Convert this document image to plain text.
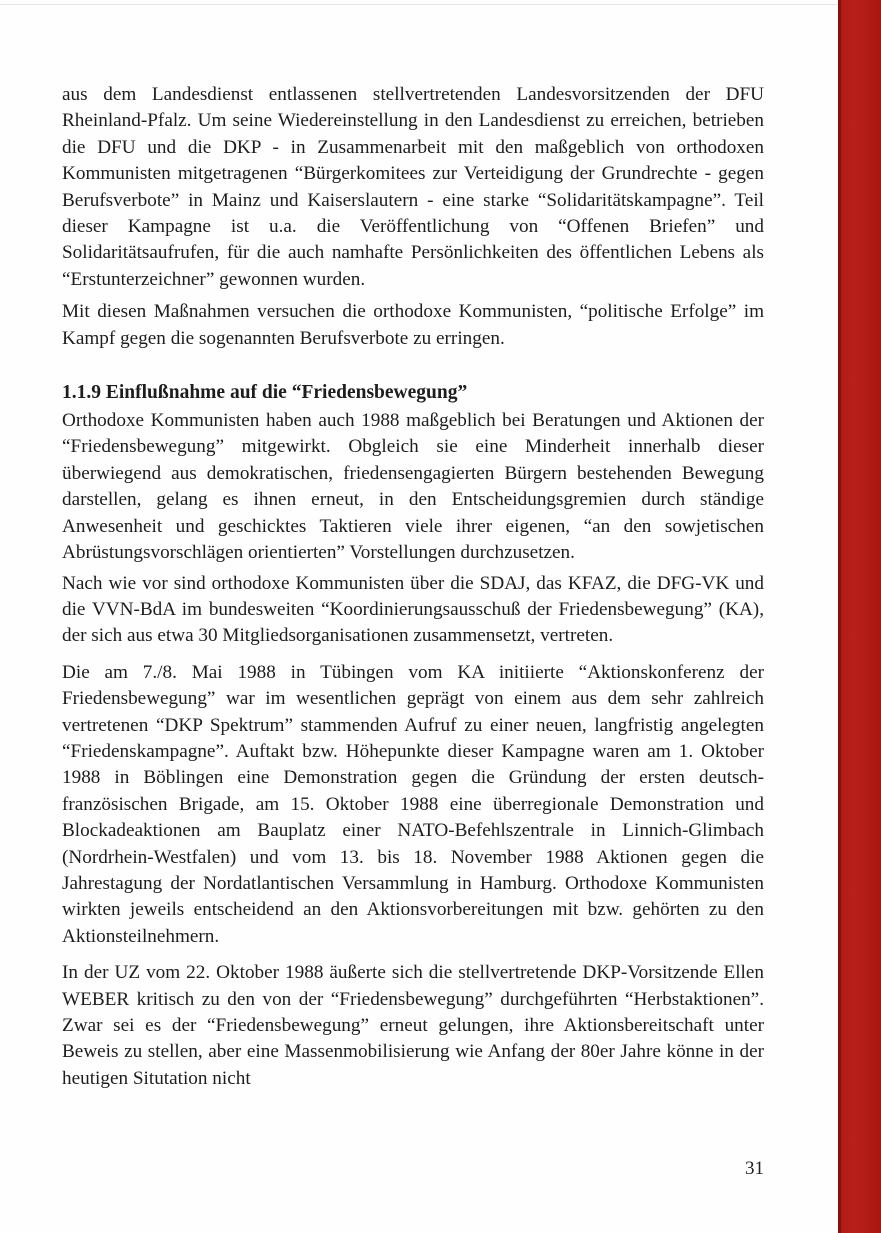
aus dem Landesdienst entlassenen stellvertretenden Landesvorsitzenden der DFU Rheinland-Pfalz. Um seine Wiedereinstellung in den Landesdienst zu erreichen, betrieben die DFU und die DKP - in Zusammenarbeit mit den maßgeblich von orthodoxen Kommunisten mitgetragenen “Bürgerkomitees zur Verteidigung der Grundrechte - gegen Berufsverbote” in Mainz und Kaiserslautern - eine starke “Solidaritätskampagne”. Teil dieser Kampagne ist u.a. die Veröffentlichung von “Offenen Briefen” und Solidaritätsaufrufen, für die auch namhafte Persönlichkeiten des öffentlichen Lebens als “Erstunterzeichner” gewonnen wurden.

Mit diesen Maßnahmen versuchen die orthodoxe Kommunisten, “politische Erfolge” im Kampf gegen die sogenannten Berufsverbote zu erringen.

1.1.9 Einflußnahme auf die “Friedensbewegung”

Orthodoxe Kommunisten haben auch 1988 maßgeblich bei Beratungen und Aktionen der “Friedensbewegung” mitgewirkt. Obgleich sie eine Minderheit innerhalb dieser überwiegend aus demokratischen, friedensengagierten Bürgern bestehenden Bewegung darstellen, gelang es ihnen erneut, in den Entscheidungsgremien durch ständige Anwesenheit und geschicktes Taktieren viele ihrer eigenen, “an den sowjetischen Abrüstungsvorschlägen orientierten” Vorstellungen durchzusetzen.

Nach wie vor sind orthodoxe Kommunisten über die SDAJ, das KFAZ, die DFG-VK und die VVN-BdA im bundesweiten “Koordinierungsausschuß der Friedensbewegung” (KA), der sich aus etwa 30 Mitgliedsorganisationen zusammensetzt, vertreten.

Die am 7./8. Mai 1988 in Tübingen vom KA initiierte “Aktionskonferenz der Friedensbewegung” war im wesentlichen geprägt von einem aus dem sehr zahlreich vertretenen “DKP Spektrum” stammenden Aufruf zu einer neuen, langfristig angelegten “Friedenskampagne”. Auftakt bzw. Höhepunkte dieser Kampagne waren am 1. Oktober 1988 in Böblingen eine Demonstration gegen die Gründung der ersten deutsch-französischen Brigade, am 15. Oktober 1988 eine überregionale Demonstration und Blockadeaktionen am Bauplatz einer NATO-Befehlszentrale in Linnich-Glimbach (Nordrhein-Westfalen) und vom 13. bis 18. November 1988 Aktionen gegen die Jahrestagung der Nordatlantischen Versammlung in Hamburg. Orthodoxe Kommunisten wirkten jeweils entscheidend an den Aktionsvorbereitungen mit bzw. gehörten zu den Aktionsteilnehmern.

In der UZ vom 22. Oktober 1988 äußerte sich die stellvertretende DKP-Vorsitzende Ellen WEBER kritisch zu den von der “Friedensbewegung” durchgeführten “Herbstaktionen”. Zwar sei es der “Friedensbewegung” erneut gelungen, ihre Aktionsbereitschaft unter Beweis zu stellen, aber eine Massenmobilisierung wie Anfang der 80er Jahre könne in der heutigen Situtation nicht

31
